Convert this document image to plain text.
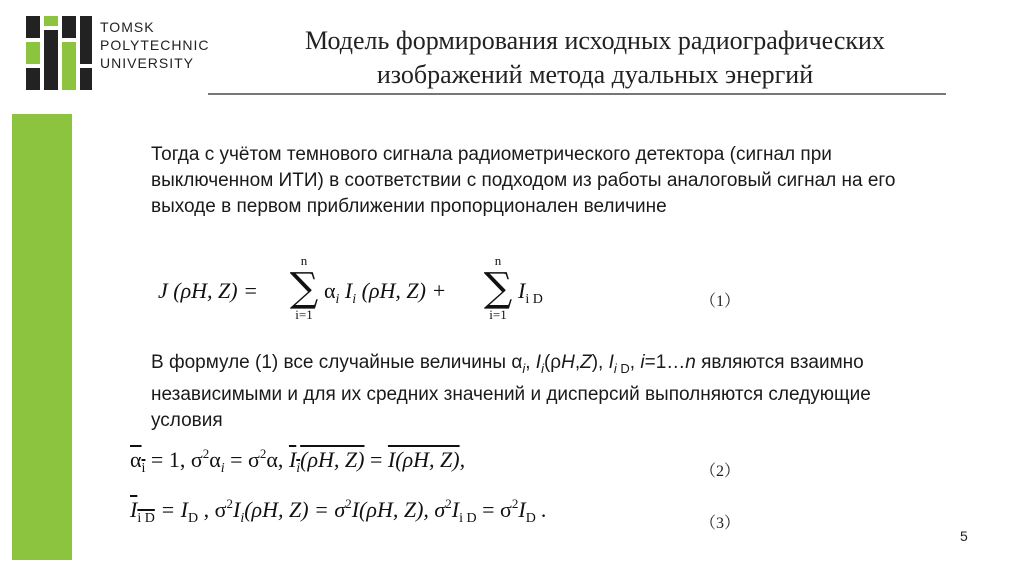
TOMSK
POLYTECHNIC
UNIVERSITY
Модель формирования исходных радиографических изображений метода дуальных энергий
Тогда с учётом темнового сигнала радиометрического детектора (сигнал при выключенном ИТИ) в соответствии с подходом из работы аналоговый сигнал на его выходе в первом приближении пропорционален величине
J (ρH, Z) =
n
∑
i=1
$\alpha_i$ $I_i$ (ρH, Z) +
n
∑
i=1
$I_{i D}$	（1）
В формуле (1) все случайные величины $\alpha_i$, $I_i(\rho H,Z)$, $I_{i D}$, i=1…n являются взаимно независимыми и для их средних значений и дисперсий выполняются следующие условия
$\alpha_i = 1$, $\sigma^2\alpha_i = \sigma^2\alpha$, $I_i(\rho H$, Z) = I(ρH, Z),	（2）
$I_{i D} = I_D$ , $\sigma^2I_i(\rho H$, $Z) = \sigma^2I(\rho H$, Z), $\sigma^2I_{i D} = \sigma^2I_D$ .
（3）
5
